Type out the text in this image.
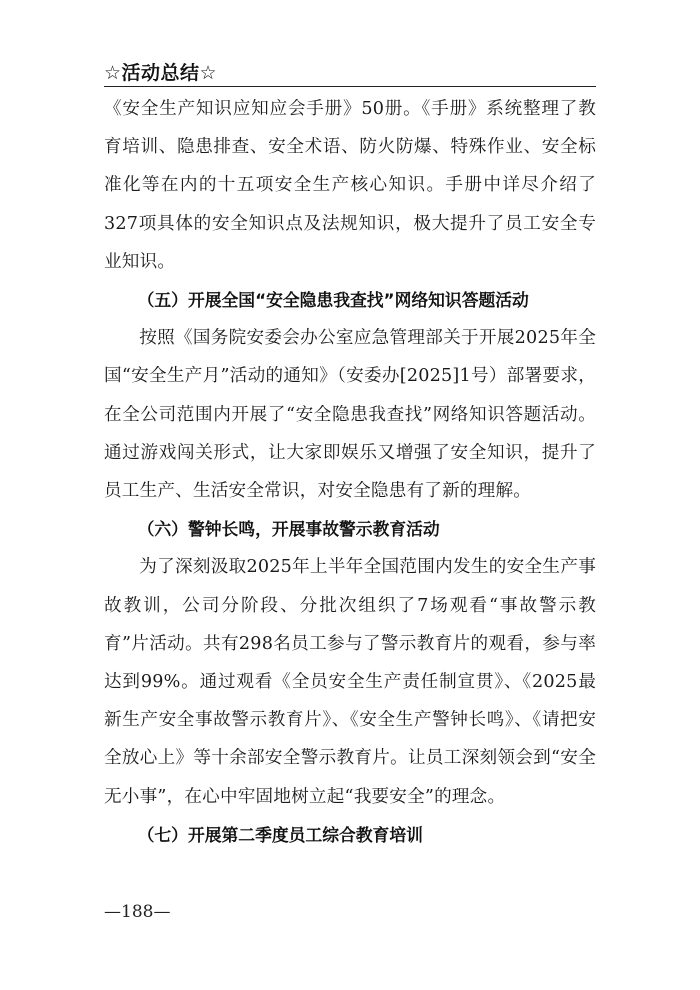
☆活动总结☆

《安全生产知识应知应会手册》50册。《手册》系统整理了教育培训、隐患排查、安全术语、防火防爆、特殊作业、安全标准化等在内的十五项安全生产核心知识。手册中详尽介绍了327项具体的安全知识点及法规知识，极大提升了员工安全专业知识。

（五）开展全国“安全隐患我查找”网络知识答题活动

按照《国务院安委会办公室应急管理部关于开展2025年全国“安全生产月”活动的通知》（安委办[2025]1号）部署要求，在全公司范围内开展了“安全隐患我查找”网络知识答题活动。通过游戏闯关形式，让大家即娱乐又增强了安全知识，提升了员工生产、生活安全常识，对安全隐患有了新的理解。

（六）警钟长鸣，开展事故警示教育活动

为了深刻汲取2025年上半年全国范围内发生的安全生产事故教训，公司分阶段、分批次组织了7场观看“事故警示教育”片活动。共有298名员工参与了警示教育片的观看，参与率达到99%。通过观看《全员安全生产责任制宣贯》、《2025最新生产安全事故警示教育片》、《安全生产警钟长鸣》、《请把安全放心上》等十余部安全警示教育片。让员工深刻领会到“安全无小事”，在心中牢固地树立起“我要安全”的理念。

（七）开展第二季度员工综合教育培训

—188—
